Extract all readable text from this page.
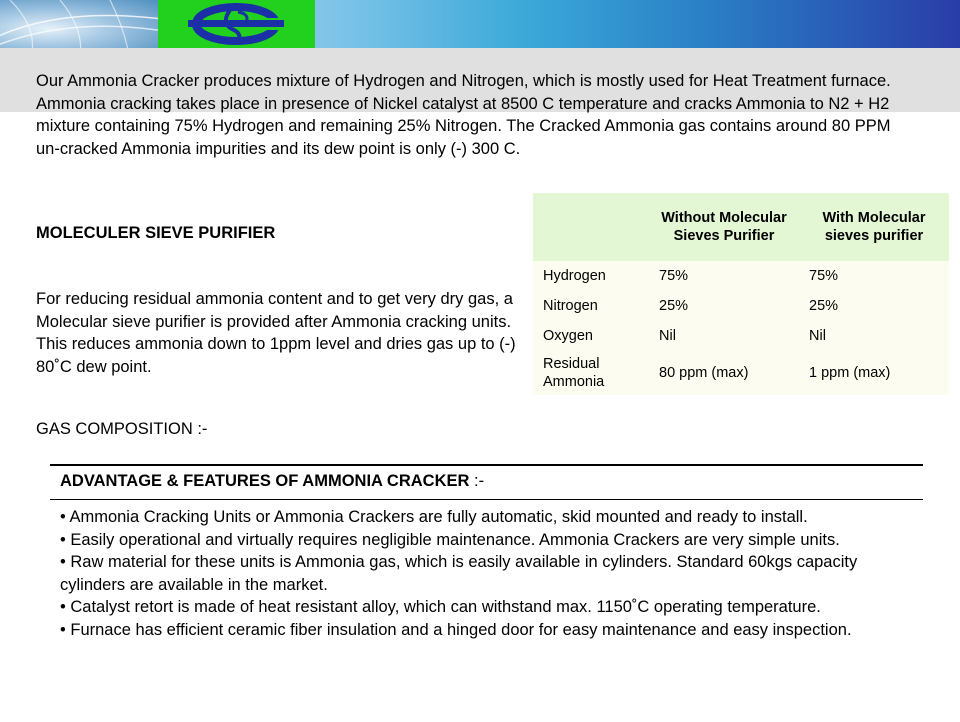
Our Ammonia Cracker produces mixture of Hydrogen and Nitrogen, which is mostly used for Heat Treatment furnace. Ammonia cracking takes place in presence of Nickel catalyst at 8500 C temperature and cracks Ammonia to N2 + H2 mixture containing 75% Hydrogen and remaining 25% Nitrogen. The Cracked Ammonia gas contains around 80 PPM un-cracked Ammonia impurities and its dew point is only (-) 300 C.

MOLECULER SIEVE PURIFIER

For reducing residual ammonia content and to get very dry gas, a Molecular sieve purifier is provided after Ammonia cracking units. This reduces ammonia down to 1ppm level and dries gas up to (-) 80˚C dew point.

GAS COMPOSITION :-

	Without Molecular Sieves Purifier	With Molecular sieves purifier
Hydrogen	75%	75%
Nitrogen	25%	25%
Oxygen	Nil	Nil
Residual Ammonia	80 ppm (max)	1 ppm (max)

ADVANTAGE & FEATURES OF AMMONIA CRACKER :-

• Ammonia Cracking Units or Ammonia Crackers are fully automatic, skid mounted and ready to install.
• Easily operational and virtually requires negligible maintenance. Ammonia Crackers are very simple units.
• Raw material for these units is Ammonia gas, which is easily available in cylinders. Standard 60kgs capacity cylinders are available in the market.
• Catalyst retort is made of heat resistant alloy, which can withstand max. 1150˚C operating temperature.
• Furnace has efficient ceramic fiber insulation and a hinged door for easy maintenance and easy inspection.
